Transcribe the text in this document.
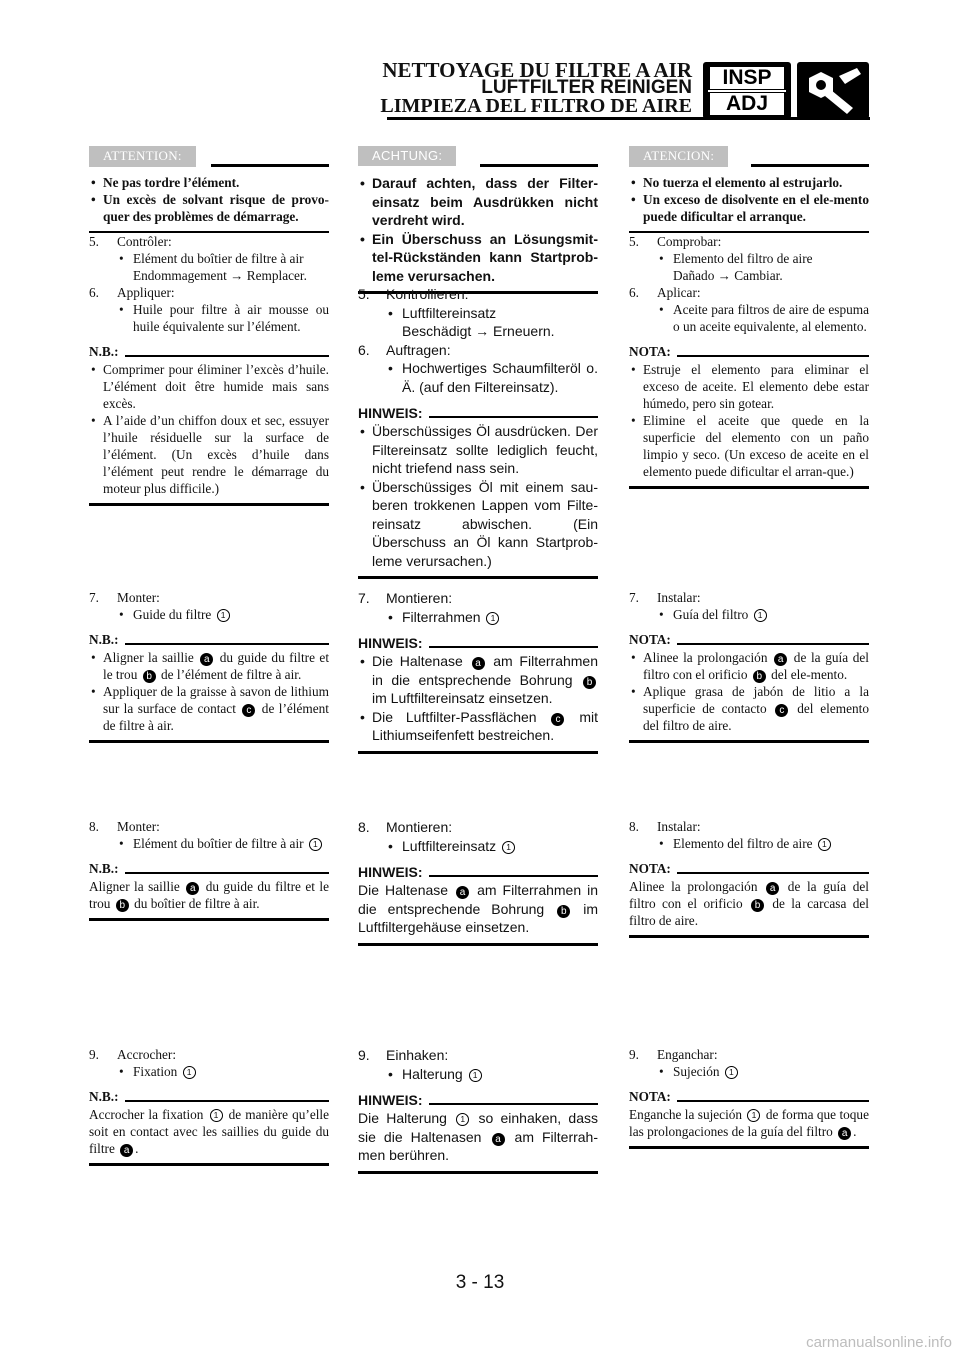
NETTOYAGE DU FILTRE A AIR
LUFTFILTER REINIGEN
LIMPIEZA DEL FILTRO DE AIRE
INSP
ADJ
ATTENTION:
• Ne pas tordre l’élément.
• Un excès de solvant risque de provo-quer des problèmes de démarrage.
5. Contrôler:
• Elément du boîtier de filtre à air
Endommagement → Remplacer.
6. Appliquer:
• Huile pour filtre à air mousse ou huile équivalente sur l’élément.
N.B.:
• Comprimer pour éliminer l’excès d’huile. L’élément doit être humide mais sans excès.
• A l’aide d’un chiffon doux et sec, essuyer l’huile résiduelle sur la surface de l’élément. (Un excès d’huile dans l’élément peut rendre le démarrage du moteur plus difficile.)
7. Monter:
• Guide du filtre 1
N.B.:
• Aligner la saillie a du guide du filtre et le trou b de l’élément de filtre à air.
• Appliquer de la graisse à savon de lithium sur la surface de contact c de l’élément de filtre à air.
8. Monter:
• Elément du boîtier de filtre à air 1
N.B.:
Aligner la saillie a du guide du filtre et le trou b du boîtier de filtre à air.
9. Accrocher:
• Fixation 1
N.B.:
Accrocher la fixation 1 de manière qu’elle soit en contact avec les saillies du guide du filtre a .
ACHTUNG:
• Darauf achten, dass der Filter-einsatz beim Ausdrükken nicht verdreht wird.
• Ein Überschuss an Lösungsmit-tel-Rückständen kann Startprob-leme verursachen.
5. Kontrollieren:
• Luftfiltereinsatz
Beschädigt → Erneuern.
6. Auftragen:
• Hochwertiges Schaumfilteröl o. Ä. (auf den Filtereinsatz).
HINWEIS:
• Überschüssiges Öl ausdrücken. Der Filtereinsatz sollte lediglich feucht, nicht triefend nass sein.
• Überschüssiges Öl mit einem sau-beren trokkenen Lappen vom Filte-reinsatz abwischen. (Ein Überschuss an Öl kann Startprob-leme verursachen.)
7. Montieren:
• Filterrahmen 1
HINWEIS:
• Die Haltenase a am Filterrahmen in die entsprechende Bohrung b im Luftfiltereinsatz einsetzen.
• Die Luftfilter-Passflächen c mit Lithiumseifenfett bestreichen.
8. Montieren:
• Luftfiltereinsatz 1
HINWEIS:
Die Haltenase a am Filterrahmen in die entsprechende Bohrung b im Luftfiltergehäuse einsetzen.
9. Einhaken:
• Halterung 1
HINWEIS:
Die Halterung 1 so einhaken, dass sie die Haltenasen a am Filterrah-men berühren.
ATENCION:
• No tuerza el elemento al estrujarlo.
• Un exceso de disolvente en el ele-mento puede dificultar el arranque.
5. Comprobar:
• Elemento del filtro de aire
Dañado → Cambiar.
6. Aplicar:
• Aceite para filtros de aire de espuma o un aceite equivalente, al elemento.
NOTA:
• Estruje el elemento para eliminar el exceso de aceite. El elemento debe estar húmedo, pero sin gotear.
• Elimine el aceite que quede en la superficie del elemento con un paño limpio y seco. (Un exceso de aceite en el elemento puede dificultar el arran-que.)
7. Instalar:
• Guía del filtro 1
NOTA:
• Alinee la prolongación a de la guía del filtro con el orificio b del ele-mento.
• Aplique grasa de jabón de litio a la superficie de contacto c del elemento del filtro de aire.
8. Instalar:
• Elemento del filtro de aire 1
NOTA:
Alinee la prolongación a de la guía del filtro con el orificio b de la carcasa del filtro de aire.
9. Enganchar:
• Sujeción 1
NOTA:
Enganche la sujeción 1 de forma que toque las prolongaciones de la guía del filtro a .
3 - 13
carmanualsonline.info
